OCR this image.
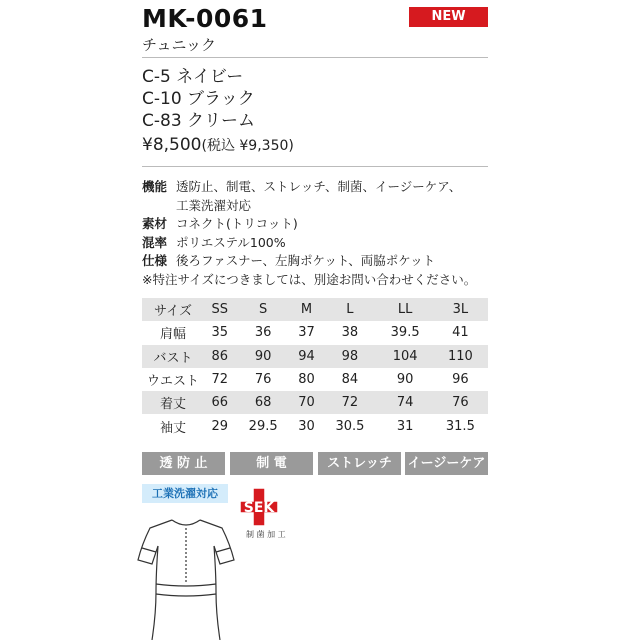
MK-0061	NEW
チュニック
C-5 ネイビー
C-10 ブラック
C-83 クリーム
¥8,500(税込 ¥9,350)
機能 透防止、制電、ストレッチ、制菌、イージーケア、
工業洗濯対応
素材 コネクト(トリコット)
混率 ポリエステル100%
仕様 後ろファスナー、左胸ポケット、両脇ポケット
※特注サイズにつきましては、別途お問い合わせください。
サイズ	SS	S	M	L	LL	3L
肩幅	35	36	37	38	39.5	41
バスト	86	90	94	98	104	110
ウエスト	72	76	80	84	90	96
着丈	66	68	70	72	74	76
袖丈	29	29.5	30	30.5	31	31.5
透 防 止	制 電	ストレッチ	イージーケア
工業洗濯対応
SEK
制 菌 加 工
